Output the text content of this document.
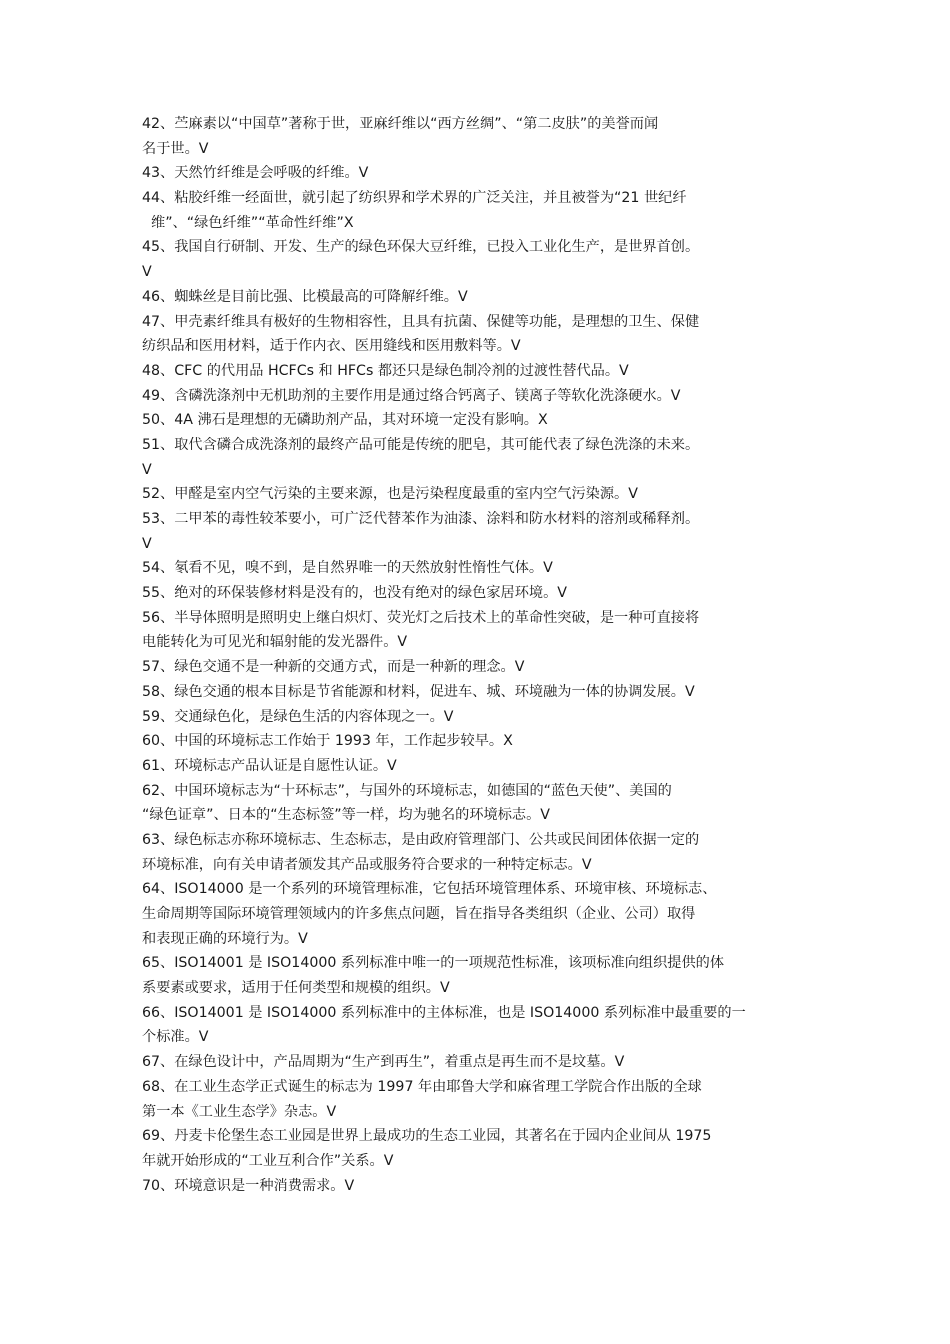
42、苎麻素以“中国草”著称于世，亚麻纤维以“西方丝绸”、“第二皮肤”的美誉而闻
名于世。V
43、天然竹纤维是会呼吸的纤维。V
44、粘胶纤维一经面世，就引起了纺织界和学术界的广泛关注，并且被誉为“21 世纪纤
维”、“绿色纤维”“革命性纤维”X
45、我国自行研制、开发、生产的绿色环保大豆纤维，已投入工业化生产，是世界首创。
V
46、蜘蛛丝是目前比强、比模最高的可降解纤维。V
47、甲壳素纤维具有极好的生物相容性，且具有抗菌、保健等功能，是理想的卫生、保健
纺织品和医用材料，适于作内衣、医用缝线和医用敷料等。V
48、CFC 的代用品 HCFCs 和 HFCs 都还只是绿色制冷剂的过渡性替代品。V
49、含磷洗涤剂中无机助剂的主要作用是通过络合钙离子、镁离子等软化洗涤硬水。V
50、4A 沸石是理想的无磷助剂产品，其对环境一定没有影响。X
51、取代含磷合成洗涤剂的最终产品可能是传统的肥皂，其可能代表了绿色洗涤的未来。
V
52、甲醛是室内空气污染的主要来源，也是污染程度最重的室内空气污染源。V
53、二甲苯的毒性较苯要小，可广泛代替苯作为油漆、涂料和防水材料的溶剂或稀释剂。
V
54、氡看不见，嗅不到，是自然界唯一的天然放射性惰性气体。V
55、绝对的环保装修材料是没有的，也没有绝对的绿色家居环境。V
56、半导体照明是照明史上继白炽灯、荧光灯之后技术上的革命性突破，是一种可直接将
电能转化为可见光和辐射能的发光器件。V
57、绿色交通不是一种新的交通方式，而是一种新的理念。V
58、绿色交通的根本目标是节省能源和材料，促进车、城、环境融为一体的协调发展。V
59、交通绿色化，是绿色生活的内容体现之一。V
60、中国的环境标志工作始于 1993 年，工作起步较早。X
61、环境标志产品认证是自愿性认证。V
62、中国环境标志为“十环标志”，与国外的环境标志，如德国的“蓝色天使”、美国的
“绿色证章”、日本的“生态标签”等一样，均为驰名的环境标志。V
63、绿色标志亦称环境标志、生态标志，是由政府管理部门、公共或民间团体依据一定的
环境标准，向有关申请者颁发其产品或服务符合要求的一种特定标志。V
64、ISO14000 是一个系列的环境管理标准，它包括环境管理体系、环境审核、环境标志、
生命周期等国际环境管理领域内的许多焦点问题，旨在指导各类组织（企业、公司）取得
和表现正确的环境行为。V
65、ISO14001 是 ISO14000 系列标准中唯一的一项规范性标准，该项标准向组织提供的体
系要素或要求，适用于任何类型和规模的组织。V
66、ISO14001 是 ISO14000 系列标准中的主体标准，也是 ISO14000 系列标准中最重要的一
个标准。V
67、在绿色设计中，产品周期为“生产到再生”，着重点是再生而不是坟墓。V
68、在工业生态学正式诞生的标志为 1997 年由耶鲁大学和麻省理工学院合作出版的全球
第一本《工业生态学》杂志。V
69、丹麦卡伦堡生态工业园是世界上最成功的生态工业园，其著名在于园内企业间从 1975
年就开始形成的“工业互利合作”关系。V
70、环境意识是一种消费需求。V
